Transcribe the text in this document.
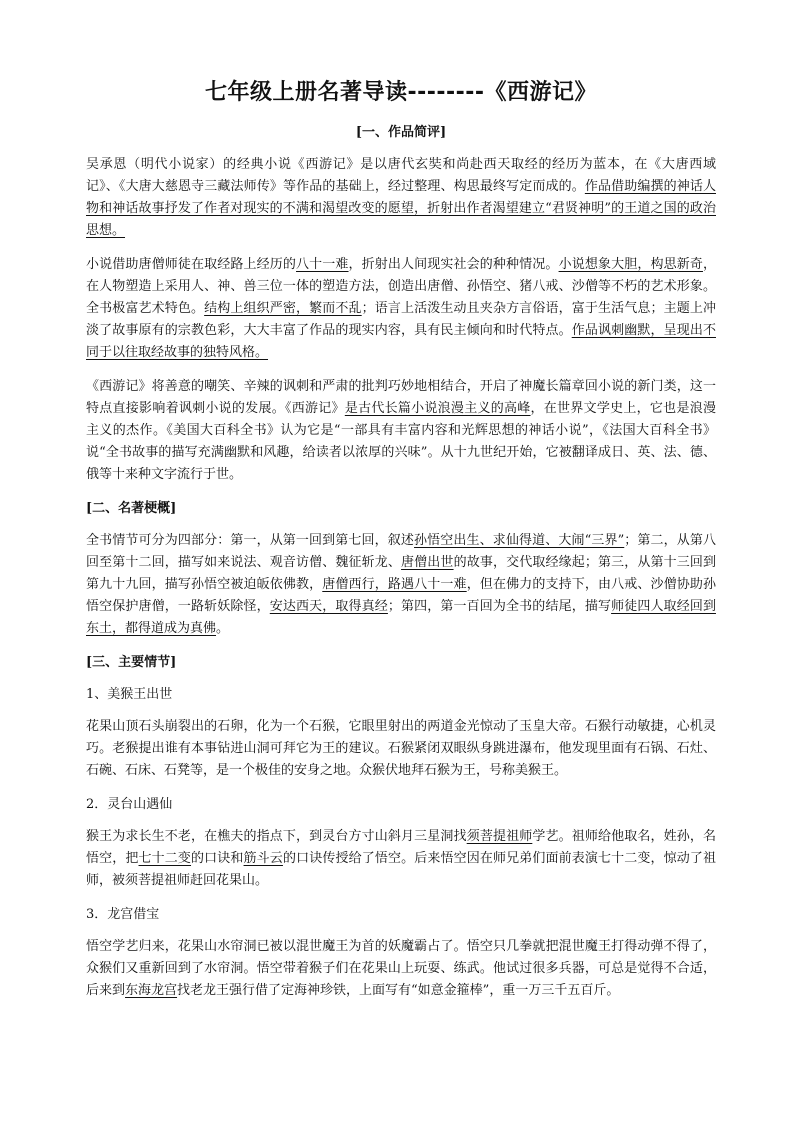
七年级上册名著导读--------《西游记》
[一、作品简评]

吴承恩（明代小说家）的经典小说《西游记》是以唐代玄奘和尚赴西天取经的经历为蓝本，在《大唐西域记》、《大唐大慈恩寺三藏法师传》等作品的基础上，经过整理、构思最终写定而成的。作品借助编撰的神话人物和神话故事抒发了作者对现实的不满和渴望改变的愿望，折射出作者渴望建立“君贤神明”的王道之国的政治思想。

小说借助唐僧师徒在取经路上经历的八十一难，折射出人间现实社会的种种情况。小说想象大胆，构思新奇，在人物塑造上采用人、神、兽三位一体的塑造方法，创造出唐僧、孙悟空、猪八戒、沙僧等不朽的艺术形象。全书极富艺术特色。结构上组织严密，繁而不乱；语言上活泼生动且夹杂方言俗语，富于生活气息；主题上冲淡了故事原有的宗教色彩，大大丰富了作品的现实内容，具有民主倾向和时代特点。作品讽刺幽默，呈现出不同于以往取经故事的独特风格。

《西游记》将善意的嘲笑、辛辣的讽刺和严肃的批判巧妙地相结合，开启了神魔长篇章回小说的新门类，这一特点直接影响着讽刺小说的发展。《西游记》是古代长篇小说浪漫主义的高峰，在世界文学史上，它也是浪漫主义的杰作。《美国大百科全书》认为它是“一部具有丰富内容和光辉思想的神话小说”，《法国大百科全书》说“全书故事的描写充满幽默和风趣，给读者以浓厚的兴味”。从十九世纪开始，它被翻译成日、英、法、德、俄等十来种文字流行于世。

[二、名著梗概]

全书情节可分为四部分：第一，从第一回到第七回，叙述孙悟空出生、求仙得道、大闹“三界”；第二，从第八回至第十二回，描写如来说法、观音访僧、魏征斩龙、唐僧出世的故事，交代取经缘起；第三，从第十三回到第九十九回，描写孙悟空被迫皈依佛教，唐僧西行，路遇八十一难，但在佛力的支持下，由八戒、沙僧协助孙悟空保护唐僧，一路斩妖除怪，安达西天，取得真经；第四，第一百回为全书的结尾，描写师徒四人取经回到东土，都得道成为真佛。

[三、主要情节]
1、美猴王出世

花果山顶石头崩裂出的石卵，化为一个石猴，它眼里射出的两道金光惊动了玉皇大帝。石猴行动敏捷，心机灵巧。老猴提出谁有本事钻进山洞可拜它为王的建议。石猴紧闭双眼纵身跳进瀑布，他发现里面有石锅、石灶、石碗、石床、石凳等，是一个极佳的安身之地。众猴伏地拜石猴为王，号称美猴王。

2．灵台山遇仙

猴王为求长生不老，在樵夫的指点下，到灵台方寸山斜月三星洞找须菩提祖师学艺。祖师给他取名，姓孙，名悟空，把七十二变的口诀和筋斗云的口诀传授给了悟空。后来悟空因在师兄弟们面前表演七十二变，惊动了祖师，被须菩提祖师赶回花果山。

3．龙宫借宝

悟空学艺归来，花果山水帘洞已被以混世魔王为首的妖魔霸占了。悟空只几拳就把混世魔王打得动弹不得了，众猴们又重新回到了水帘洞。悟空带着猴子们在花果山上玩耍、练武。他试过很多兵器，可总是觉得不合适，后来到东海龙宫找老龙王强行借了定海神珍铁，上面写有“如意金箍棒”，重一万三千五百斤。
